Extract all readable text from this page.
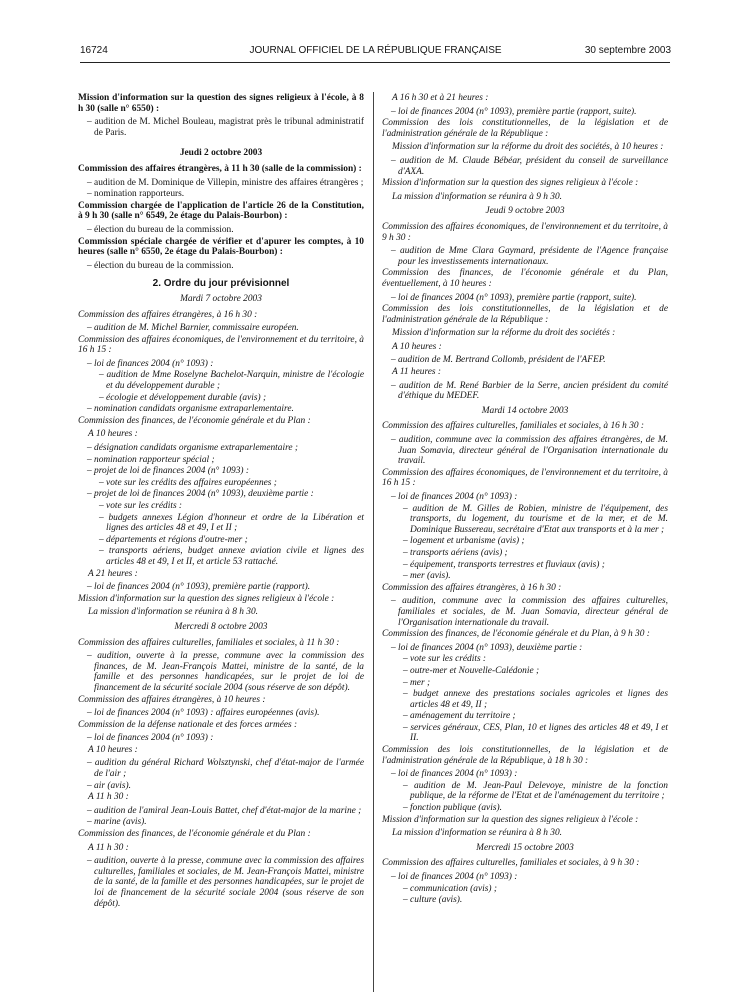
16724	JOURNAL OFFICIEL DE LA RÉPUBLIQUE FRANÇAISE	30 septembre 2003

Mission d'information sur la question des signes religieux à l'école, à 8 h 30 (salle n° 6550) :

– audition de M. Michel Bouleau, magistrat près le tribunal administratif de Paris.

Jeudi 2 octobre 2003

Commission des affaires étrangères, à 11 h 30 (salle de la commission) :

– audition de M. Dominique de Villepin, ministre des affaires étrangères ;

– nomination rapporteurs.

Commission chargée de l'application de l'article 26 de la Constitution, à 9 h 30 (salle n° 6549, 2e étage du Palais-Bourbon) :

– élection du bureau de la commission.

Commission spéciale chargée de vérifier et d'apurer les comptes, à 10 heures (salle n° 6550, 2e étage du Palais-Bourbon) :

– élection du bureau de la commission.

2. Ordre du jour prévisionnel

Mardi 7 octobre 2003

Commission des affaires étrangères, à 16 h 30 :

– audition de M. Michel Barnier, commissaire européen.

Commission des affaires économiques, de l'environnement et du territoire, à 16 h 15 :

– loi de finances 2004 (n° 1093) :

– audition de Mme Roselyne Bachelot-Narquin, ministre de l'écologie et du développement durable ;

– écologie et développement durable (avis) ;

– nomination candidats organisme extraparlementaire.

Commission des finances, de l'économie générale et du Plan :

A 10 heures :

– désignation candidats organisme extraparlementaire ;

– nomination rapporteur spécial ;

– projet de loi de finances 2004 (n° 1093) :

– vote sur les crédits des affaires européennes ;

– projet de loi de finances 2004 (n° 1093), deuxième partie :

– vote sur les crédits :

– budgets annexes Légion d'honneur et ordre de la Libération et lignes des articles 48 et 49, I et II ;

– départements et régions d'outre-mer ;

– transports aériens, budget annexe aviation civile et lignes des articles 48 et 49, I et II, et article 53 rattaché.

A 21 heures :

– loi de finances 2004 (n° 1093), première partie (rapport).

Mission d'information sur la question des signes religieux à l'école :

La mission d'information se réunira à 8 h 30.

Mercredi 8 octobre 2003

Commission des affaires culturelles, familiales et sociales, à 11 h 30 :

– audition, ouverte à la presse, commune avec la commission des finances, de M. Jean-François Mattei, ministre de la santé, de la famille et des personnes handicapées, sur le projet de loi de financement de la sécurité sociale 2004 (sous réserve de son dépôt).

Commission des affaires étrangères, à 10 heures :

– loi de finances 2004 (n° 1093) : affaires européennes (avis).

Commission de la défense nationale et des forces armées :

– loi de finances 2004 (n° 1093) :

A 10 heures :

– audition du général Richard Wolsztynski, chef d'état-major de l'armée de l'air ;

– air (avis).

A 11 h 30 :

– audition de l'amiral Jean-Louis Battet, chef d'état-major de la marine ;

– marine (avis).

Commission des finances, de l'économie générale et du Plan :

A 11 h 30 :

– audition, ouverte à la presse, commune avec la commission des affaires culturelles, familiales et sociales, de M. Jean-François Mattei, ministre de la santé, de la famille et des personnes handicapées, sur le projet de loi de financement de la sécurité sociale 2004 (sous réserve de son dépôt).

A 16 h 30 et à 21 heures :

– loi de finances 2004 (n° 1093), première partie (rapport, suite).

Commission des lois constitutionnelles, de la législation et de l'administration générale de la République :

Mission d'information sur la réforme du droit des sociétés, à 10 heures :

– audition de M. Claude Bébéar, président du conseil de surveillance d'AXA.

Mission d'information sur la question des signes religieux à l'école :

La mission d'information se réunira à 9 h 30.

Jeudi 9 octobre 2003

Commission des affaires économiques, de l'environnement et du territoire, à 9 h 30 :

– audition de Mme Clara Gaymard, présidente de l'Agence française pour les investissements internationaux.

Commission des finances, de l'économie générale et du Plan, éventuellement, à 10 heures :

– loi de finances 2004 (n° 1093), première partie (rapport, suite).

Commission des lois constitutionnelles, de la législation et de l'administration générale de la République :

Mission d'information sur la réforme du droit des sociétés :

A 10 heures :

– audition de M. Bertrand Collomb, président de l'AFEP.

A 11 heures :

– audition de M. René Barbier de la Serre, ancien président du comité d'éthique du MEDEF.

Mardi 14 octobre 2003

Commission des affaires culturelles, familiales et sociales, à 16 h 30 :

– audition, commune avec la commission des affaires étrangères, de M. Juan Somavia, directeur général de l'Organisation internationale du travail.

Commission des affaires économiques, de l'environnement et du territoire, à 16 h 15 :

– loi de finances 2004 (n° 1093) :

– audition de M. Gilles de Robien, ministre de l'équipement, des transports, du logement, du tourisme et de la mer, et de M. Dominique Bussereau, secrétaire d'Etat aux transports et à la mer ;

– logement et urbanisme (avis) ;

– transports aériens (avis) ;

– équipement, transports terrestres et fluviaux (avis) ;

– mer (avis).

Commission des affaires étrangères, à 16 h 30 :

– audition, commune avec la commission des affaires culturelles, familiales et sociales, de M. Juan Somavia, directeur général de l'Organisation internationale du travail.

Commission des finances, de l'économie générale et du Plan, à 9 h 30 :

– loi de finances 2004 (n° 1093), deuxième partie :

– vote sur les crédits :

– outre-mer et Nouvelle-Calédonie ;

– mer ;

– budget annexe des prestations sociales agricoles et lignes des articles 48 et 49, II ;

– aménagement du territoire ;

– services généraux, CES, Plan, 10 et lignes des articles 48 et 49, I et II.

Commission des lois constitutionnelles, de la législation et de l'administration générale de la République, à 18 h 30 :

– loi de finances 2004 (n° 1093) :

– audition de M. Jean-Paul Delevoye, ministre de la fonction publique, de la réforme de l'Etat et de l'aménagement du territoire ;

– fonction publique (avis).

Mission d'information sur la question des signes religieux à l'école :

La mission d'information se réunira à 8 h 30.

Mercredi 15 octobre 2003

Commission des affaires culturelles, familiales et sociales, à 9 h 30 :

– loi de finances 2004 (n° 1093) :

– communication (avis) ;

– culture (avis).
